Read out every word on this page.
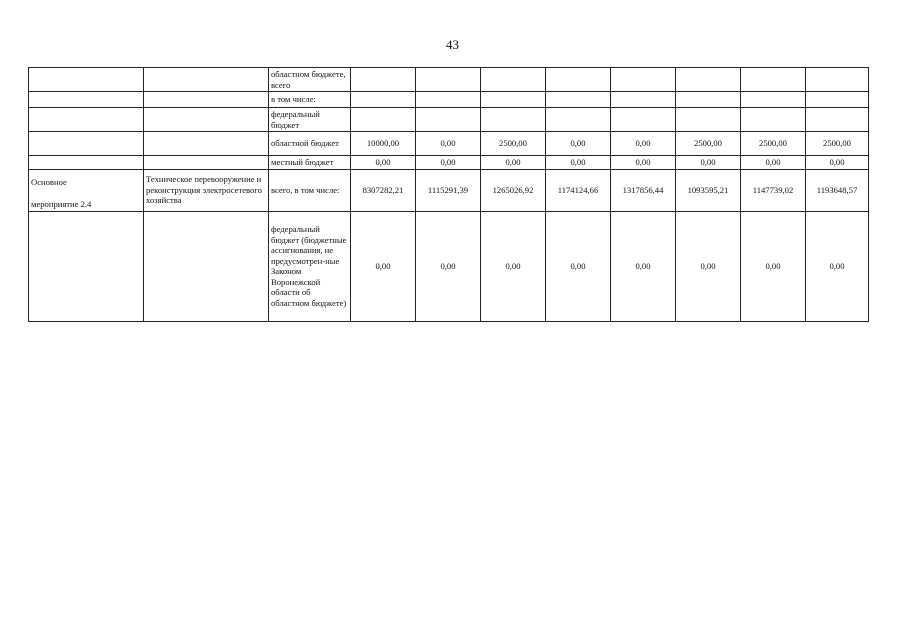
43
		областном бюджете, всего								
		в том числе:								
		федеральный бюджет								
		областной бюджет	10000,00	0,00	2500,00	0,00	0,00	2500,00	2500,00	2500,00
		местный бюджет	0,00	0,00	0,00	0,00	0,00	0,00	0,00	0,00

Основное
мероприятие 2.4	Техническое перевооружение и реконструкция электросетевого хозяйства	всего, в том числе:	8307282,21	1115291,39	1265026,92	1174124,66	1317856,44	1093595,21	1147739,02	1193648,57
		федеральный бюджет (бюджетные ассигнования, не предусмотрен-ные Законом Воронежской области об областном бюджете)	0,00	0,00	0,00	0,00	0,00	0,00	0,00	0,00
